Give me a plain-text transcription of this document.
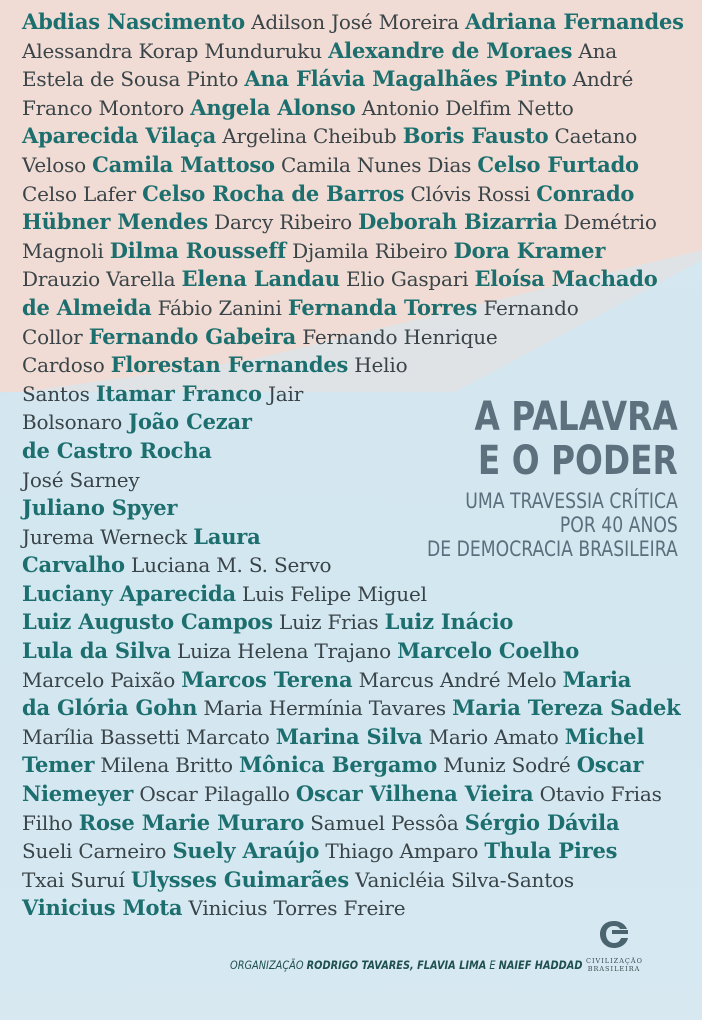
Abdias Nascimento Adilson José Moreira Adriana Fernandes
Alessandra Korap Munduruku Alexandre de Moraes Ana
Estela de Sousa Pinto Ana Flávia Magalhães Pinto André
Franco Montoro Angela Alonso Antonio Delfim Netto
Aparecida Vilaça Argelina Cheibub Boris Fausto Caetano
Veloso Camila Mattoso Camila Nunes Dias Celso Furtado
Celso Lafer Celso Rocha de Barros Clóvis Rossi Conrado
Hübner Mendes Darcy Ribeiro Deborah Bizarria Demétrio
Magnoli Dilma Rousseff Djamila Ribeiro Dora Kramer
Drauzio Varella Elena Landau Elio Gaspari Eloísa Machado
de Almeida Fábio Zanini Fernanda Torres Fernando
Collor Fernando Gabeira Fernando Henrique
Cardoso Florestan Fernandes Helio
Santos Itamar Franco Jair
Bolsonaro João Cezar
de Castro Rocha
José Sarney
Juliano Spyer
Jurema Werneck Laura
Carvalho Luciana M. S. Servo
Luciany Aparecida Luis Felipe Miguel
Luiz Augusto Campos Luiz Frias Luiz Inácio
Lula da Silva Luiza Helena Trajano Marcelo Coelho
Marcelo Paixão Marcos Terena Marcus André Melo Maria
da Glória Gohn Maria Hermínia Tavares Maria Tereza Sadek
Marília Bassetti Marcato Marina Silva Mario Amato Michel
Temer Milena Britto Mônica Bergamo Muniz Sodré Oscar
Niemeyer Oscar Pilagallo Oscar Vilhena Vieira Otavio Frias
Filho Rose Marie Muraro Samuel Pessôa Sérgio Dávila
Sueli Carneiro Suely Araújo Thiago Amparo Thula Pires
Txai Suruí Ulysses Guimarães Vanicléia Silva-Santos
Vinicius Mota Vinicius Torres Freire
A PALAVRA
E O PODER
UMA TRAVESSIA CRÍTICA
POR 40 ANOS
DE DEMOCRACIA BRASILEIRA
ORGANIZAÇÃO RODRIGO TAVARES, FLAVIA LIMA E NAIEF HADDAD CIVILIZAÇÃO
BRASILEIRA
